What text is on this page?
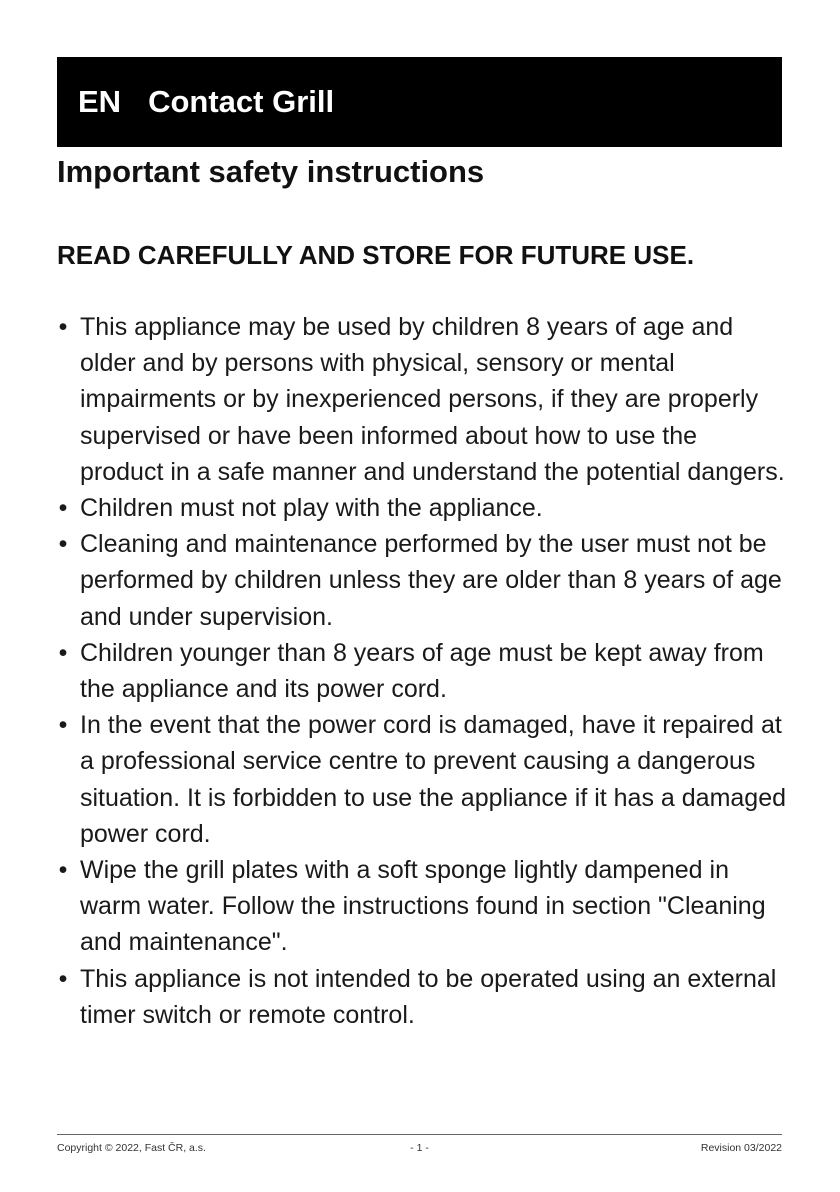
EN Contact Grill
Important safety instructions

READ CAREFULLY AND STORE FOR FUTURE USE.

• This appliance may be used by children 8 years of age and older and by persons with physical, sensory or mental impairments or by inexperienced persons, if they are properly supervised or have been informed about how to use the product in a safe manner and understand the potential dangers.
• Children must not play with the appliance.
• Cleaning and maintenance performed by the user must not be performed by children unless they are older than 8 years of age and under supervision.
• Children younger than 8 years of age must be kept away from the appliance and its power cord.
• In the event that the power cord is damaged, have it repaired at a professional service centre to prevent causing a dangerous situation. It is forbidden to use the appliance if it has a damaged power cord.
• Wipe the grill plates with a soft sponge lightly dampened in warm water. Follow the instructions found in section "Cleaning and maintenance".
• This appliance is not intended to be operated using an external timer switch or remote control.
Copyright © 2022, Fast ČR, a.s.	- 1 -	Revision 03/2022
